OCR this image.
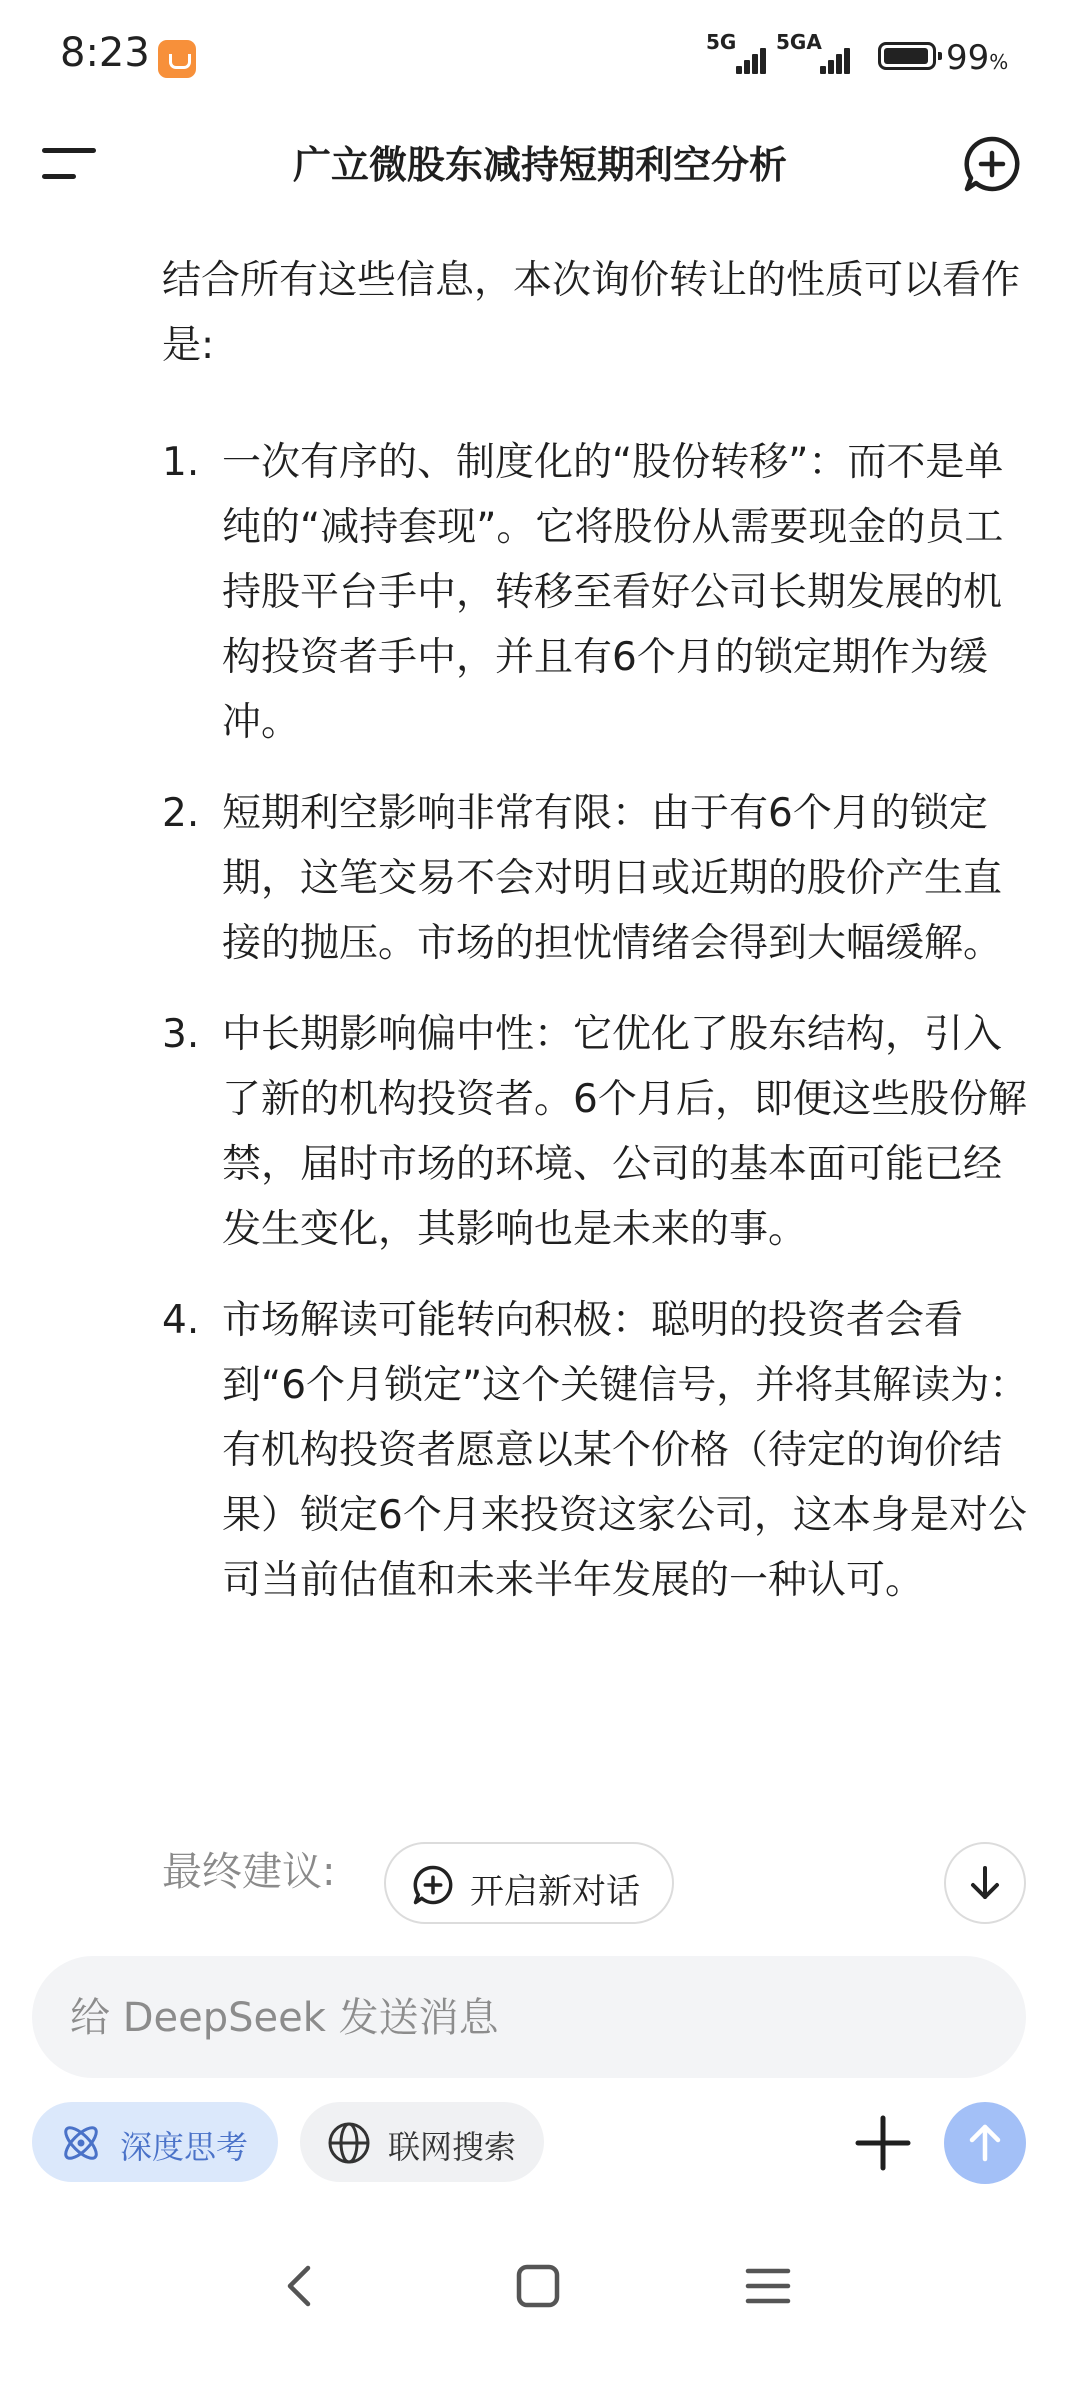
8:23	5G 5GA	99%
广立微股东减持短期利空分析

结合所有这些信息，本次询价转让的性质可以看作是:

1. 一次有序的、制度化的“股份转移”：而不是单纯的“减持套现”。它将股份从需要现金的员工持股平台手中，转移至看好公司长期发展的机构投资者手中，并且有6个月的锁定期作为缓冲。
2. 短期利空影响非常有限：由于有6个月的锁定期，这笔交易不会对明日或近期的股价产生直接的抛压。市场的担忧情绪会得到大幅缓解。
3. 中长期影响偏中性：它优化了股东结构，引入了新的机构投资者。6个月后，即便这些股份解禁，届时市场的环境、公司的基本面可能已经发生变化，其影响也是未来的事。
4. 市场解读可能转向积极：聪明的投资者会看到“6个月锁定”这个关键信号，并将其解读为：有机构投资者愿意以某个价格（待定的询价结果）锁定6个月来投资这家公司，这本身是对公司当前估值和未来半年发展的一种认可。
最终建议:	开启新对话
给 DeepSeek 发送消息
深度思考	联网搜索
